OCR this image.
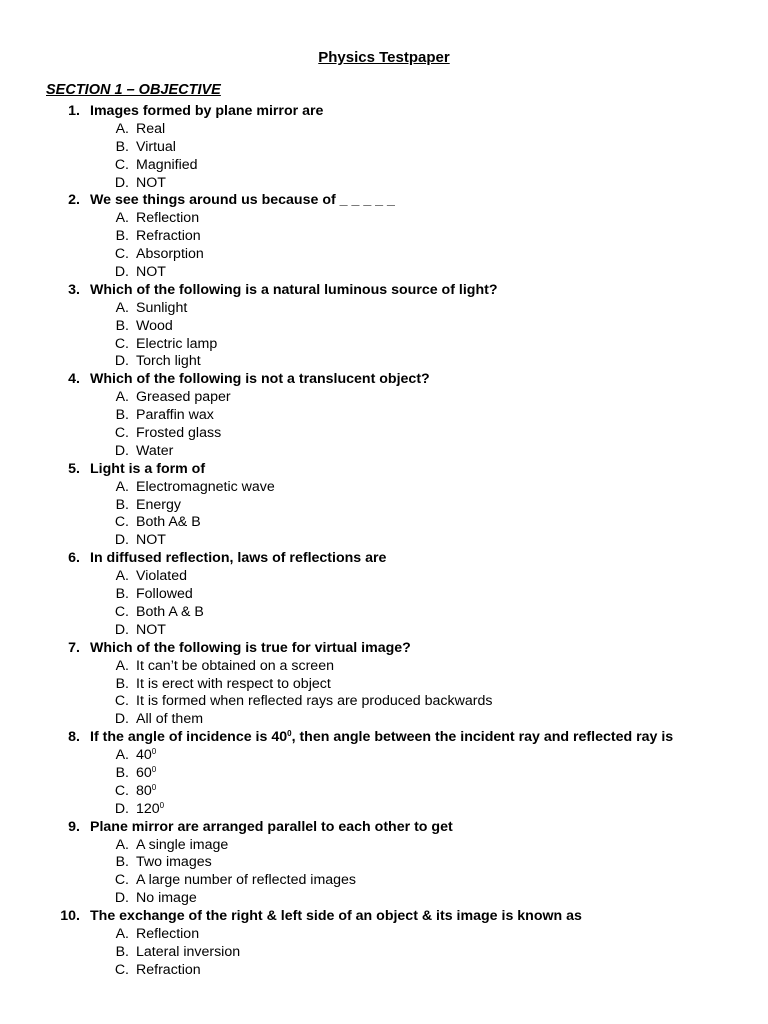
Physics Testpaper
SECTION 1 – OBJECTIVE
1. Images formed by plane mirror are
A. Real
B. Virtual
C. Magnified
D. NOT
2. We see things around us because of _ _ _ _ _
A. Reflection
B. Refraction
C. Absorption
D. NOT
3. Which of the following is a natural luminous source of light?
A. Sunlight
B. Wood
C. Electric lamp
D. Torch light
4. Which of the following is not a translucent object?
A. Greased paper
B. Paraffin wax
C. Frosted glass
D. Water
5. Light is a form of
A. Electromagnetic wave
B. Energy
C. Both A& B
D. NOT
6. In diffused reflection, laws of reflections are
A. Violated
B. Followed
C. Both A & B
D. NOT
7. Which of the following is true for virtual image?
A. It can’t be obtained on a screen
B. It is erect with respect to object
C. It is formed when reflected rays are produced backwards
D. All of them
8. If the angle of incidence is $40^0$, then angle between the incident ray and reflected ray is
A. $40^0$
B. $60^0$
C. $80^0$
D. $120^0$
9. Plane mirror are arranged parallel to each other to get
A. A single image
B. Two images
C. A large number of reflected images
D. No image
10. The exchange of the right & left side of an object & its image is known as
A. Reflection
B. Lateral inversion
C. Refraction
